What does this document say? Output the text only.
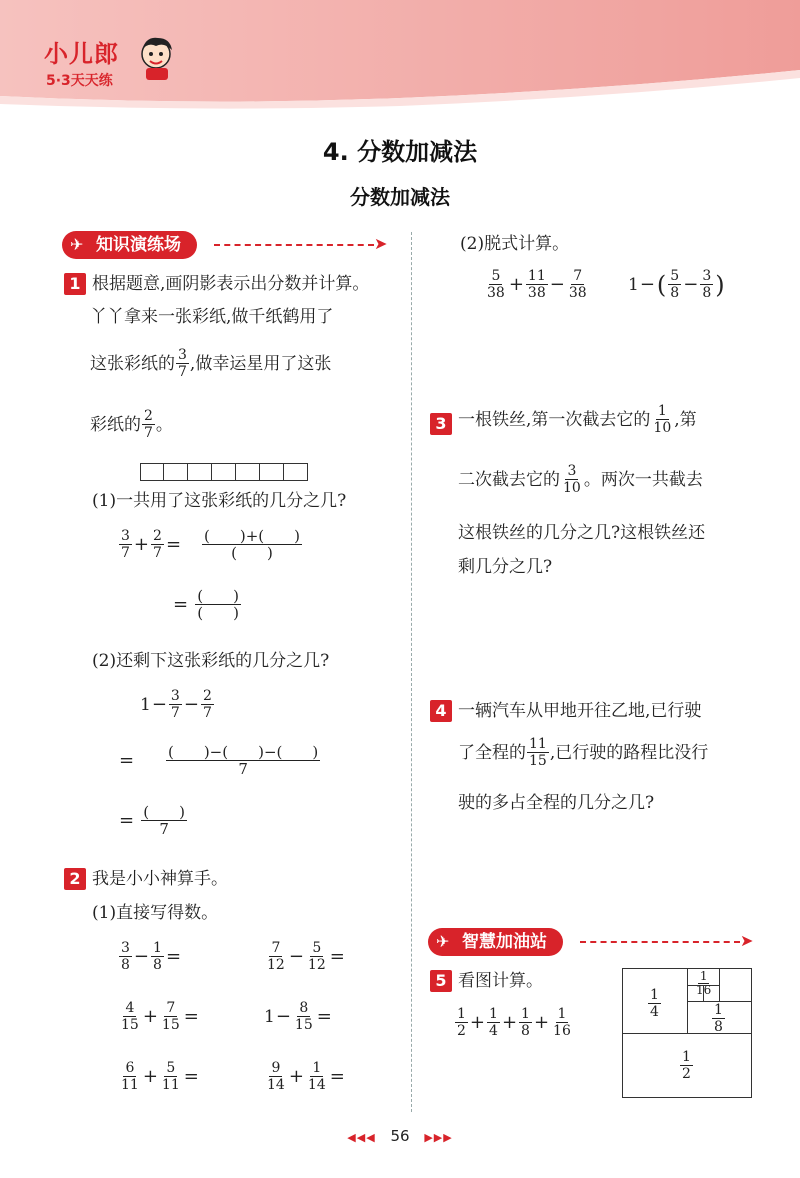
小儿郎
5·3天天练
4. 分数加减法
分数加减法
✈ 知识演练场	➤
1 根据题意,画阴影表示出分数并计算。
丫丫拿来一张彩纸,做千纸鹤用了
这张彩纸的 $\frac{3}{7}$ ,做幸运星用了这张
彩纸的 $\frac{2}{7}$ 。
(1)一共用了这张彩纸的几分之几?
$\frac{3}{7} + \frac{2}{7} = \frac{( )+( )}{( )}$
= $\frac{( )}{( )}$
(2)还剩下这张彩纸的几分之几?
$1 - \frac{3}{7} - \frac{2}{7}$
= $\frac{( )-( )-( )}{7}$
= $\frac{( )}{7}$
2 我是小小神算手。
(1)直接写得数。
$\frac{3}{8} - \frac{1}{8}$ =	$\frac{7}{12} - \frac{5}{12}$ =
$\frac{4}{15} + \frac{7}{15}$ =	$1 - \frac{8}{15}$ =
$\frac{6}{11} + \frac{5}{11}$ =	$\frac{9}{14} + \frac{1}{14}$ =
(2)脱式计算。
$\frac{5}{38} + \frac{11}{38} - \frac{7}{38} 1$ − ( $\frac{5}{8} - \frac{3}{8}$ )
3 一根铁丝,第一次截去它的 $\frac{1}{10}$ ,第
二次截去它的 $\frac{3}{10}$ 。两次一共截去
这根铁丝的几分之几?这根铁丝还
剩几分之几?
4 一辆汽车从甲地开往乙地,已行驶
了全程的 $\frac{11}{15}$ ,已行驶的路程比没行
驶的多占全程的几分之几?
✈ 智慧加油站	➤
5 看图计算。
$\frac{1}{2} + \frac{1}{4} + \frac{1}{8} + \frac{1}{16}$
$\frac{1}{2}$
$\frac{1}{4}$	$\frac{1}{8}$
$\frac{1}{16}$
◀◀◀ 56 ▶▶▶
